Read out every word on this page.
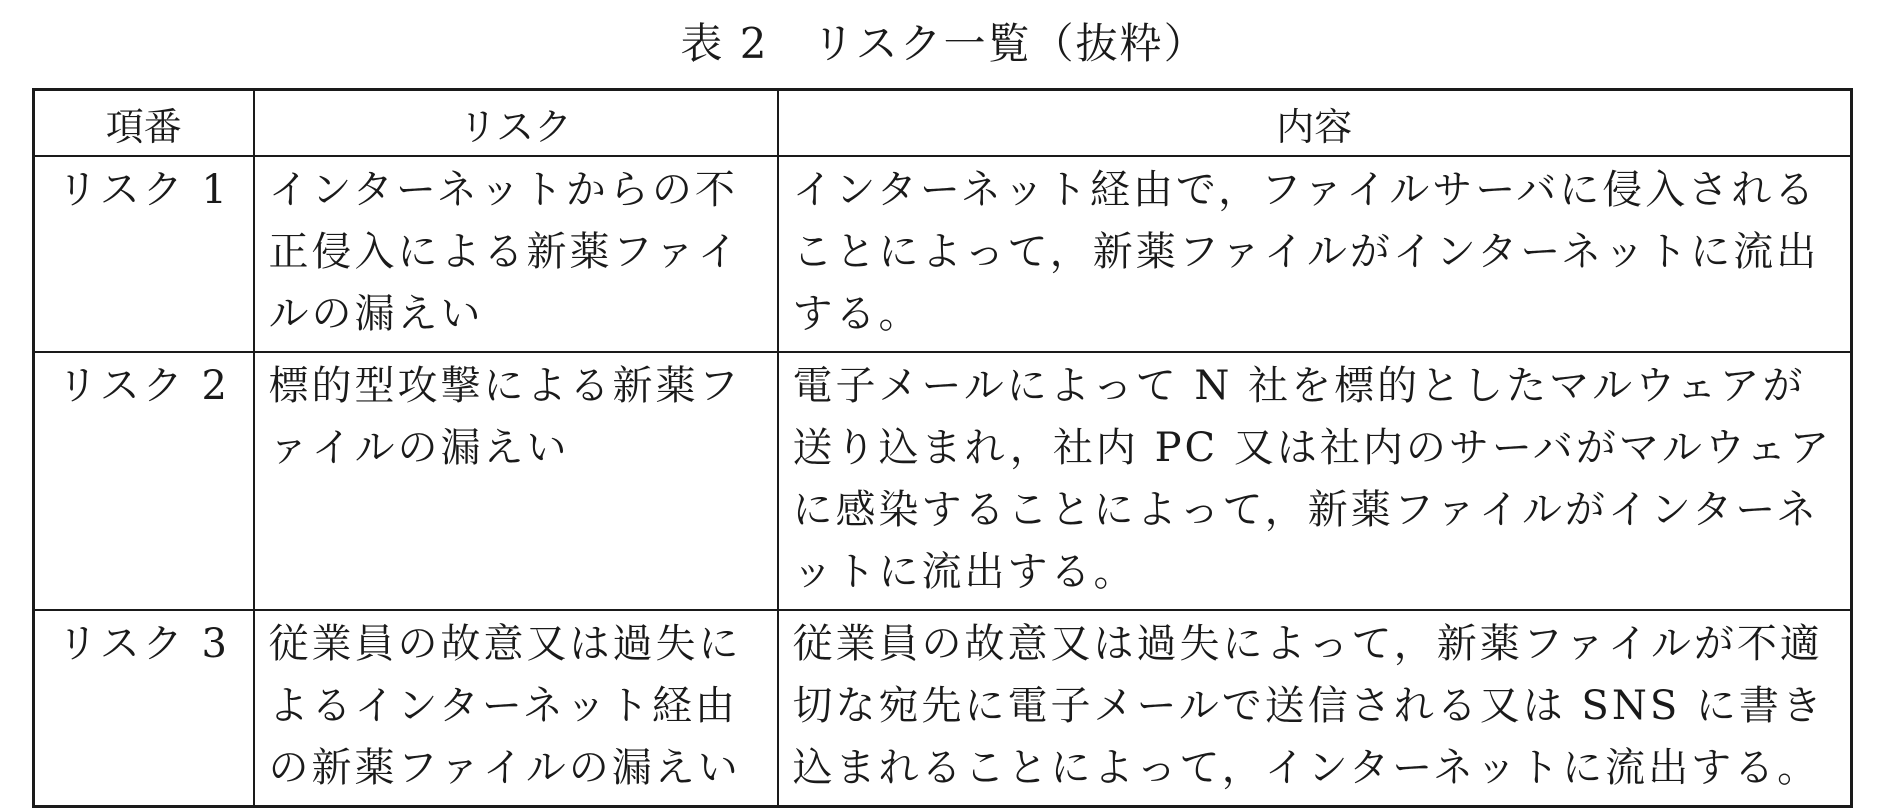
表 2　リスク一覧（抜粋）
項番	リスク	内容
リスク 1	インターネットからの不正侵入による新薬ファイルの漏えい	インターネット経由で，ファイルサーバに侵入されることによって，新薬ファイルがインターネットに流出する。
リスク 2	標的型攻撃による新薬ファイルの漏えい	電子メールによって N 社を標的としたマルウェアが送り込まれ，社内 PC 又は社内のサーバがマルウェアに感染することによって，新薬ファイルがインターネットに流出する。
リスク 3	従業員の故意又は過失によるインターネット経由の新薬ファイルの漏えい	従業員の故意又は過失によって，新薬ファイルが不適切な宛先に電子メールで送信される又は SNS に書き込まれることによって，インターネットに流出する。
